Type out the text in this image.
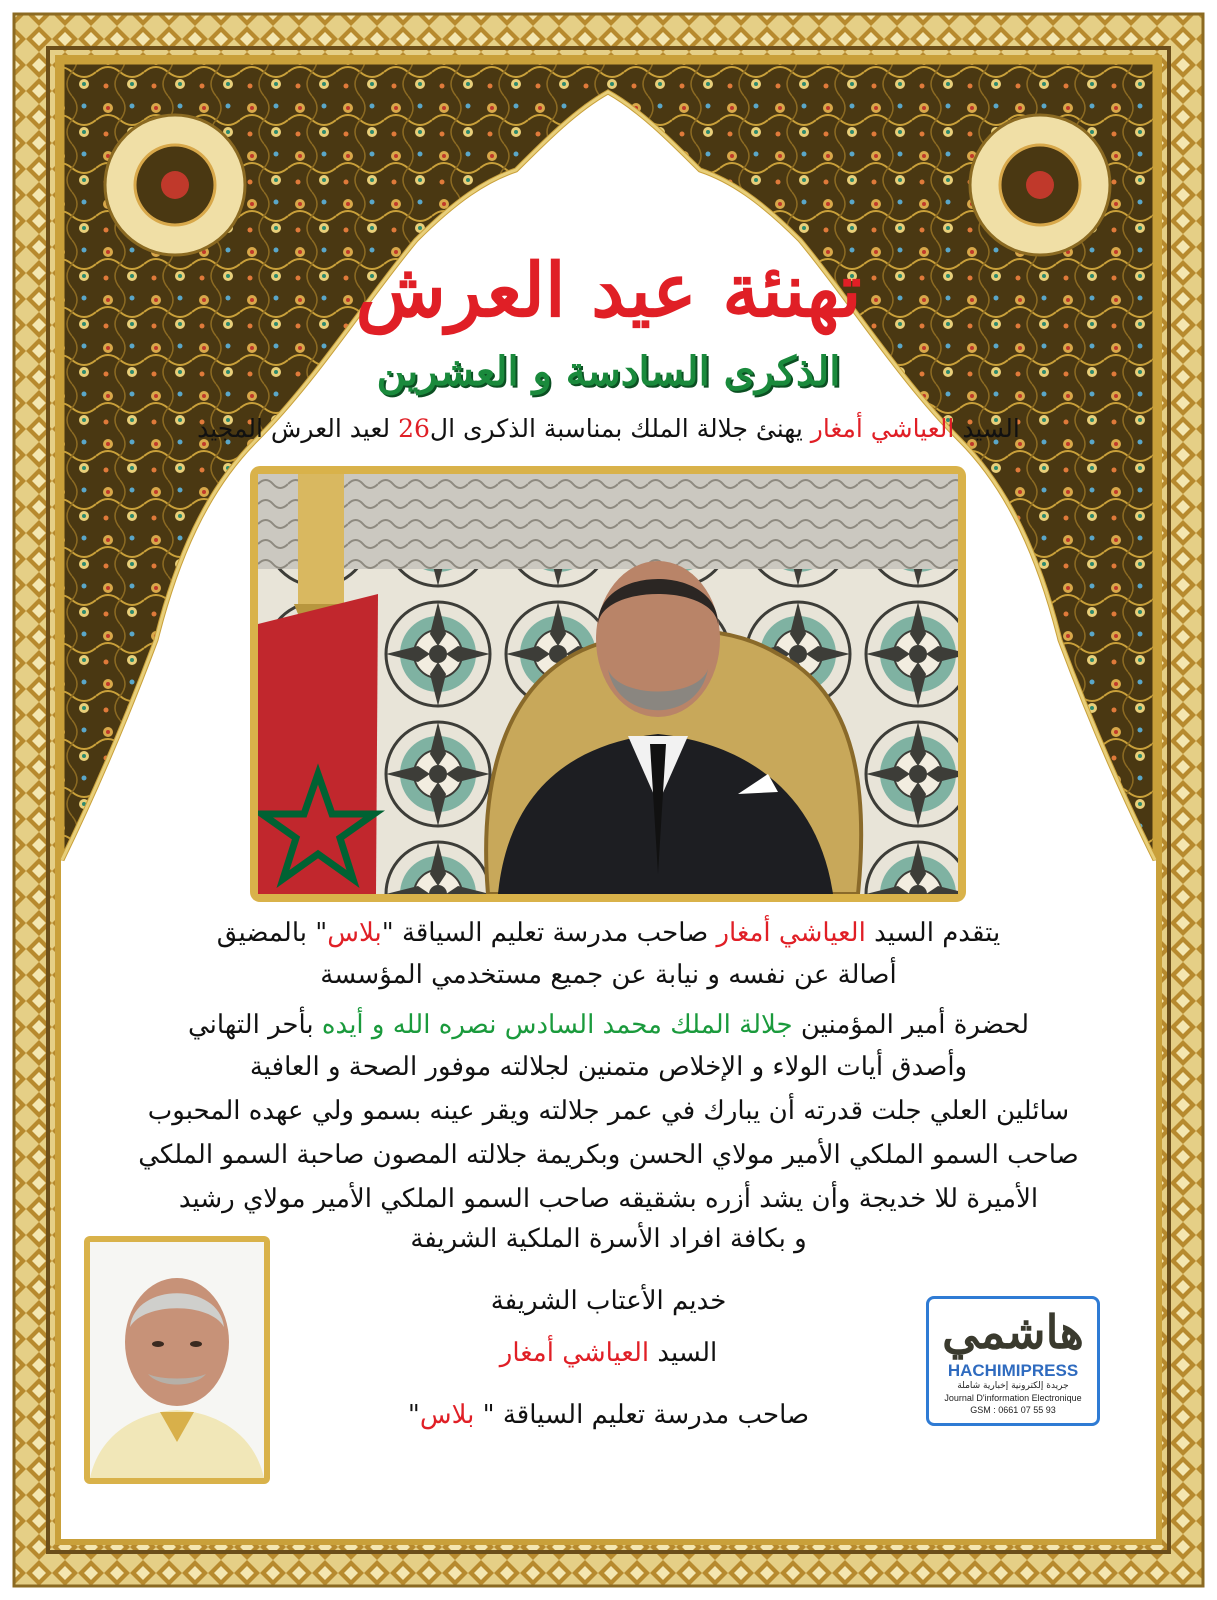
هاشمي
HACHIMIPRESS
جريدة إلكترونية إخبارية شاملة
Journal D'information Electronique
GSM : 0661 07 55 93
تهنئة عيد العرش
الذكرى السادسة و العشرين
السيد العياشي أمغار يهنئ جلالة الملك بمناسبة الذكرى ال26 لعيد العرش المجيد
يتقدم السيد العياشي أمغار صاحب مدرسة تعليم السياقة "بلاس" بالمضيق
أصالة عن نفسه و نيابة عن جميع مستخدمي المؤسسة
لحضرة أمير المؤمنين جلالة الملك محمد السادس نصره الله و أيده بأحر التهاني
وأصدق أيات الولاء و الإخلاص متمنين لجلالته موفور الصحة و العافية
سائلين العلي جلت قدرته أن يبارك في عمر جلالته ويقر عينه بسمو ولي عهده المحبوب
صاحب السمو الملكي الأمير مولاي الحسن وبكريمة جلالته المصون صاحبة السمو الملكي
الأميرة للا خديجة وأن يشد أزره بشقيقه صاحب السمو الملكي الأمير مولاي رشيد
و بكافة افراد الأسرة الملكية الشريفة
خديم الأعتاب الشريفة
السيد العياشي أمغار
صاحب مدرسة تعليم السياقة " بلاس"
